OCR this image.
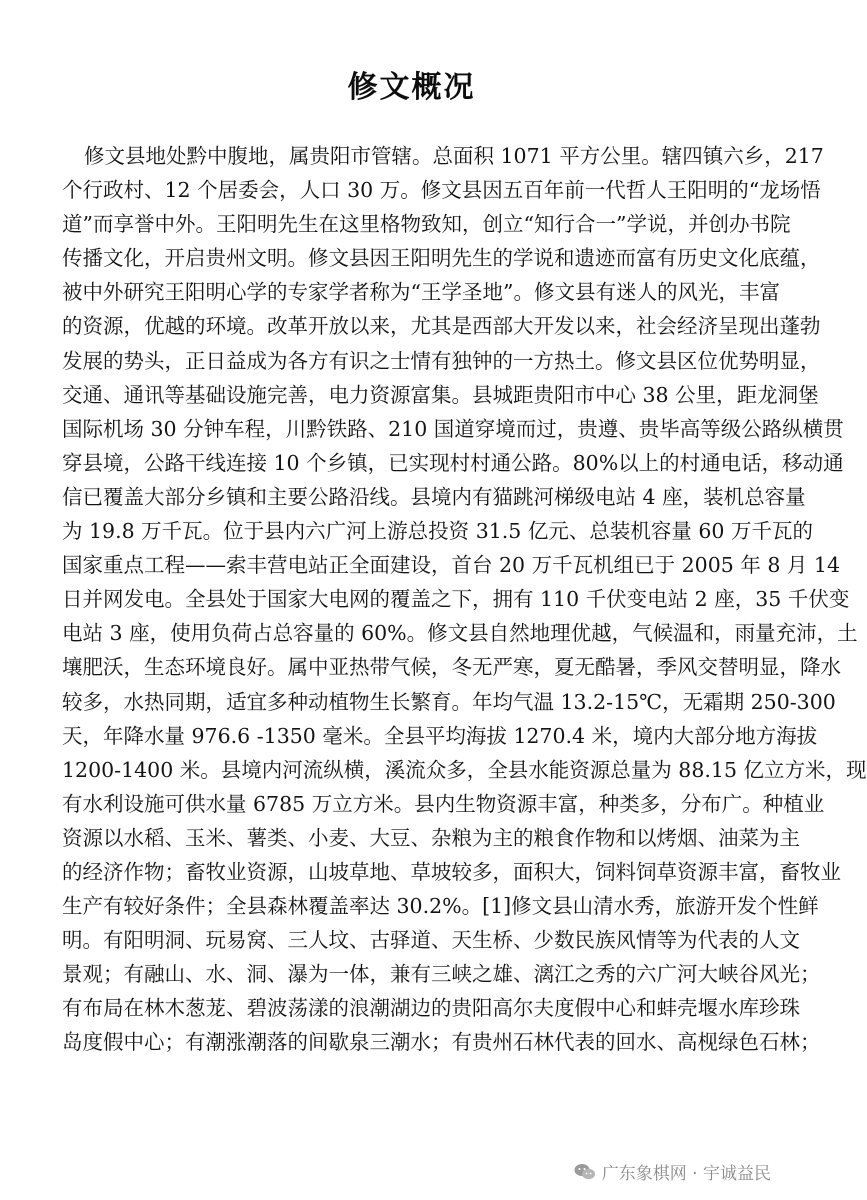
修文概况
修文县地处黔中腹地，属贵阳市管辖。总面积 1071 平方公里。辖四镇六乡，217
个行政村、12 个居委会，人口 30 万。修文县因五百年前一代哲人王阳明的“龙场悟
道”而享誉中外。王阳明先生在这里格物致知，创立“知行合一”学说，并创办书院
传播文化，开启贵州文明。修文县因王阳明先生的学说和遗迹而富有历史文化底蕴，
被中外研究王阳明心学的专家学者称为“王学圣地”。修文县有迷人的风光，丰富
的资源，优越的环境。改革开放以来，尤其是西部大开发以来，社会经济呈现出蓬勃
发展的势头，正日益成为各方有识之士情有独钟的一方热土。修文县区位优势明显，
交通、通讯等基础设施完善，电力资源富集。县城距贵阳市中心 38 公里，距龙洞堡
国际机场 30 分钟车程，川黔铁路、210 国道穿境而过，贵遵、贵毕高等级公路纵横贯
穿县境，公路干线连接 10 个乡镇，已实现村村通公路。80%以上的村通电话，移动通
信已覆盖大部分乡镇和主要公路沿线。县境内有猫跳河梯级电站 4 座，装机总容量
为 19.8 万千瓦。位于县内六广河上游总投资 31.5 亿元、总装机容量 60 万千瓦的
国家重点工程——索丰营电站正全面建设，首台 20 万千瓦机组已于 2005 年 8 月 14
日并网发电。全县处于国家大电网的覆盖之下，拥有 110 千伏变电站 2 座，35 千伏变
电站 3 座，使用负荷占总容量的 60%。修文县自然地理优越，气候温和，雨量充沛，土
壤肥沃，生态环境良好。属中亚热带气候，冬无严寒，夏无酷暑，季风交替明显，降水
较多，水热同期，适宜多种动植物生长繁育。年均气温 13.2-15℃，无霜期 250-300
天，年降水量 976.6 -1350 毫米。全县平均海拔 1270.4 米，境内大部分地方海拔
1200-1400 米。县境内河流纵横，溪流众多，全县水能资源总量为 88.15 亿立方米，现
有水利设施可供水量 6785 万立方米。县内生物资源丰富，种类多，分布广。种植业
资源以水稻、玉米、薯类、小麦、大豆、杂粮为主的粮食作物和以烤烟、油菜为主
的经济作物；畜牧业资源，山坡草地、草坡较多，面积大，饲料饲草资源丰富，畜牧业
生产有较好条件；全县森林覆盖率达 30.2%。[1]修文县山清水秀，旅游开发个性鲜
明。有阳明洞、玩易窝、三人坟、古驿道、天生桥、少数民族风情等为代表的人文
景观；有融山、水、洞、瀑为一体，兼有三峡之雄、漓江之秀的六广河大峡谷风光；
有布局在林木葱茏、碧波荡漾的浪潮湖边的贵阳高尔夫度假中心和蚌壳堰水库珍珠
岛度假中心；有潮涨潮落的间歇泉三潮水；有贵州石林代表的回水、高枧绿色石林；
广东象棋网 · 宇诚益民
